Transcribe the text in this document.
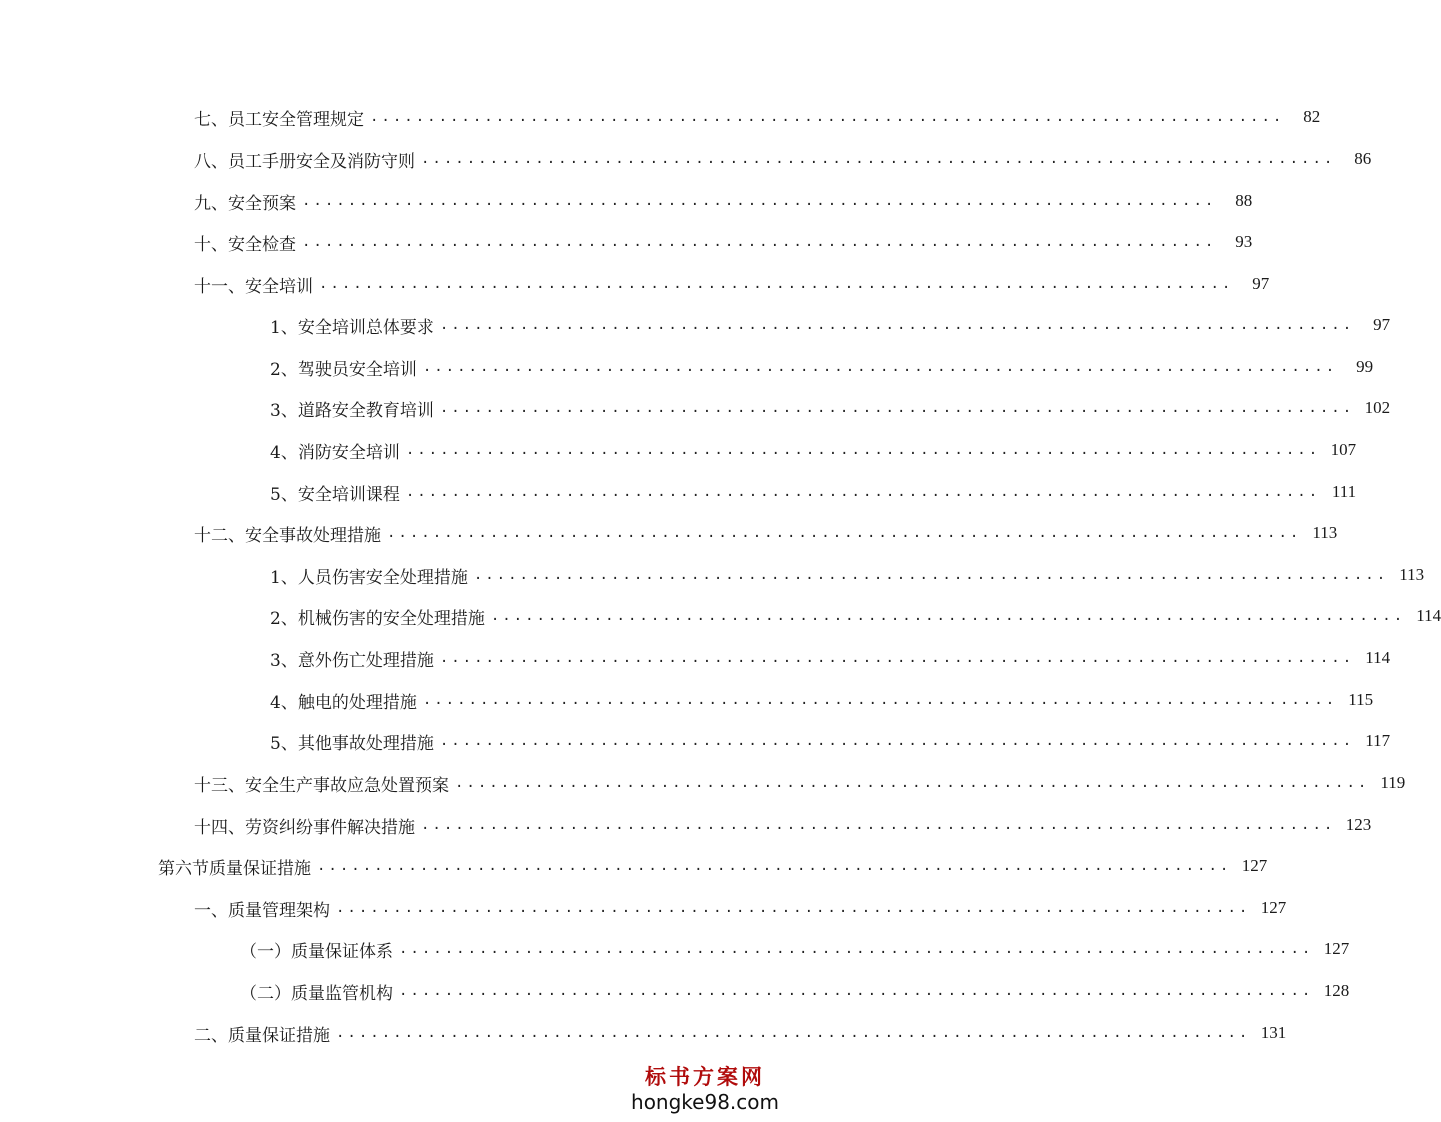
七、 员工安全管理规定 ................................................................................	82
八、 员工手册安全及消防守则 ................................................................................	86
九、 安全预案 ................................................................................	88
十、 安全检查 ................................................................................	93
十一、 安全培训 ................................................................................	97
1、 安全培训总体要求 ................................................................................	97
2、 驾驶员安全培训 ................................................................................	99
3、 道路安全教育培训 ................................................................................ 102
4、 消防安全培训 ................................................................................ 107
5、 安全培训课程 ................................................................................ 111
十二、 安全事故处理措施 ................................................................................ 113
1、 人员伤害安全处理措施 ................................................................................ 113
2、 机械伤害的安全处理措施 ................................................................................ 114
3、 意外伤亡处理措施 ................................................................................ 114
4、 触电的处理措施 ................................................................................ 115
5、 其他事故处理措施 ................................................................................ 117
十三、 安全生产事故应急处置预案 ................................................................................ 119
十四、 劳资纠纷事件解决措施 ................................................................................ 123
第六节 质量保证措施 ................................................................................ 127
一、 质量管理架构 ................................................................................ 127
（一） 质量保证体系 ................................................................................ 127
（二） 质量监管机构 ................................................................................ 128
二、 质量保证措施 ................................................................................ 131
标书方案网
hongke98.com
